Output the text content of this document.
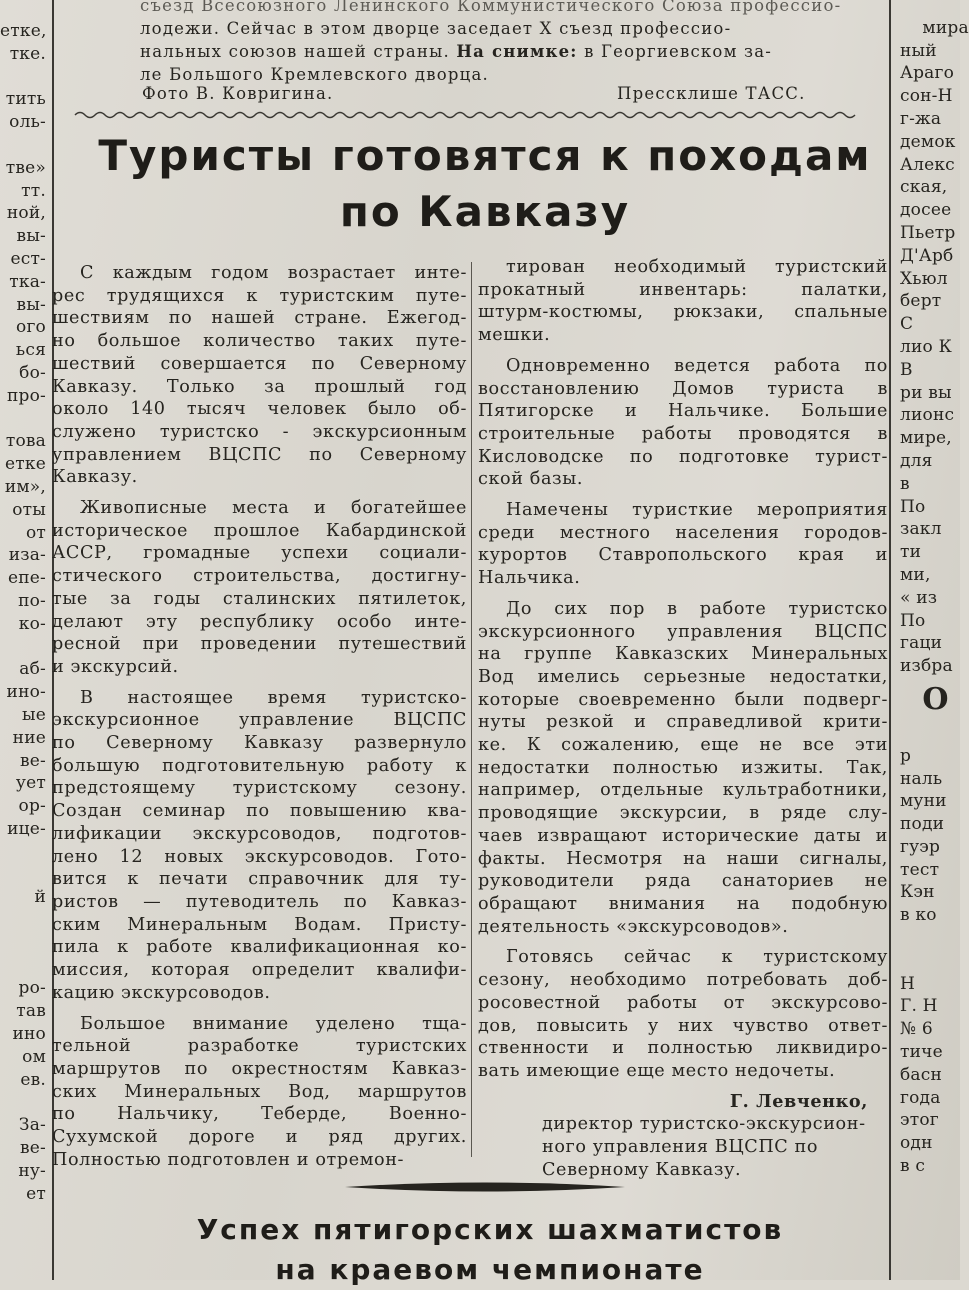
етке,
тке.

тить
оль-

тве»
тт.
ной,
вы-
ест-
тка-
вы-
ого
ься
бо-
про-

това
етке
им»,
оты
от
иза-
епе-
по-
ко-

аб-
ино-
ые
ние
ве-
ует
ор-
ице-

й

ро-
тав
ино
ом
ев.

За-
ве-
ну-
ет

мира
ный
Араго
сон-Н
г-жа
демок
Алекс
ская,
досее
Пьетр
Д'Арб
Хьюл
берт
С
лио К
В
ри вы
лионс
мире,
для
в
По
закл
ти
ми,
« из
По
гаци
избра
О

р
наль
муни
поди
гуэр
тест
Кэн
в ко

Н
Г. Н
№ 6
тиче
басн
года
этог
одн
в с

съезд Всесоюзного Ленинского Коммунистического Союза профессио-
лодежи. Сейчас в этом дворце заседает X съезд профессио-
нальных союзов нашей страны. На снимке: в Георгиевском за-
ле Большого Кремлевского дворца.
Фото В. Ковригина.	Пресcклише ТАСС.
Туристы готовятся к походам
по Кавказу
С каждым годом возрастает инте-
рес трудящихся к туристским путе-
шествиям по нашей стране. Ежегод-
но большое количество таких путе-
шествий совершается по Северному
Кавказу. Только за прошлый год
около 140 тысяч человек было об-
служено туристско - экскурсионным
управлением ВЦСПС по Северному
Кавказу.
Живописные места и богатейшее
историческое прошлое Кабардинской
АССР, громадные успехи социали-
стического строительства, достигну-
тые за годы сталинских пятилеток,
делают эту республику особо инте-
ресной при проведении путешествий
и экскурсий.
В настоящее время туристско-
экскурсионное управление ВЦСПС
по Северному Кавказу развернуло
большую подготовительную работу к
предстоящему туристскому сезону.
Создан семинар по повышению ква-
лификации экскурсоводов, подготов-
лено 12 новых экскурсоводов. Гото-
вится к печати справочник для ту-
ристов — путеводитель по Кавказ-
ским Минеральным Водам. Присту-
пила к работе квалификационная ко-
миссия, которая определит квалифи-
кацию экскурсоводов.
Большое внимание уделено тща-
тельной разработке туристских
маршрутов по окрестностям Кавказ-
ских Минеральных Вод, маршрутов
по Нальчику, Теберде, Военно-
Сухумской дороге и ряд других.
Полностью подготовлен и отремон-
тирован необходимый туристский
прокатный инвентарь: палатки,
штурм-костюмы, рюкзаки, спальные
мешки.
Одновременно ведется работа по
восстановлению Домов туриста в
Пятигорске и Нальчике. Большие
строительные работы проводятся в
Кисловодске по подготовке турист-
ской базы.
Намечены туристкие мероприятия
среди местного населения городов-
курортов Ставропольского края и
Нальчика.
До сих пор в работе туристско
экскурсионного управления ВЦСПС
на группе Кавказских Минеральных
Вод имелись серьезные недостатки,
которые своевременно были подверг-
нуты резкой и справедливой крити-
ке. К сожалению, еще не все эти
недостатки полностью изжиты. Так,
например, отдельные культработники,
проводящие экскурсии, в ряде слу-
чаев извращают исторические даты и
факты. Несмотря на наши сигналы,
руководители ряда санаториев не
обращают внимания на подобную
деятельность «экскурсоводов».
Готовясь сейчас к туристскому
сезону, необходимо потребовать доб-
росовестной работы от экскурсово-
дов, повысить у них чувство ответ-
ственности и полностью ликвидиро-
вать имеющие еще место недочеты.
Г. Левченко,
директор туристско-экскурсион-
ного управления ВЦСПС по
Северному Кавказу.
Успех пятигорских шахматистов
на краевом чемпионате
